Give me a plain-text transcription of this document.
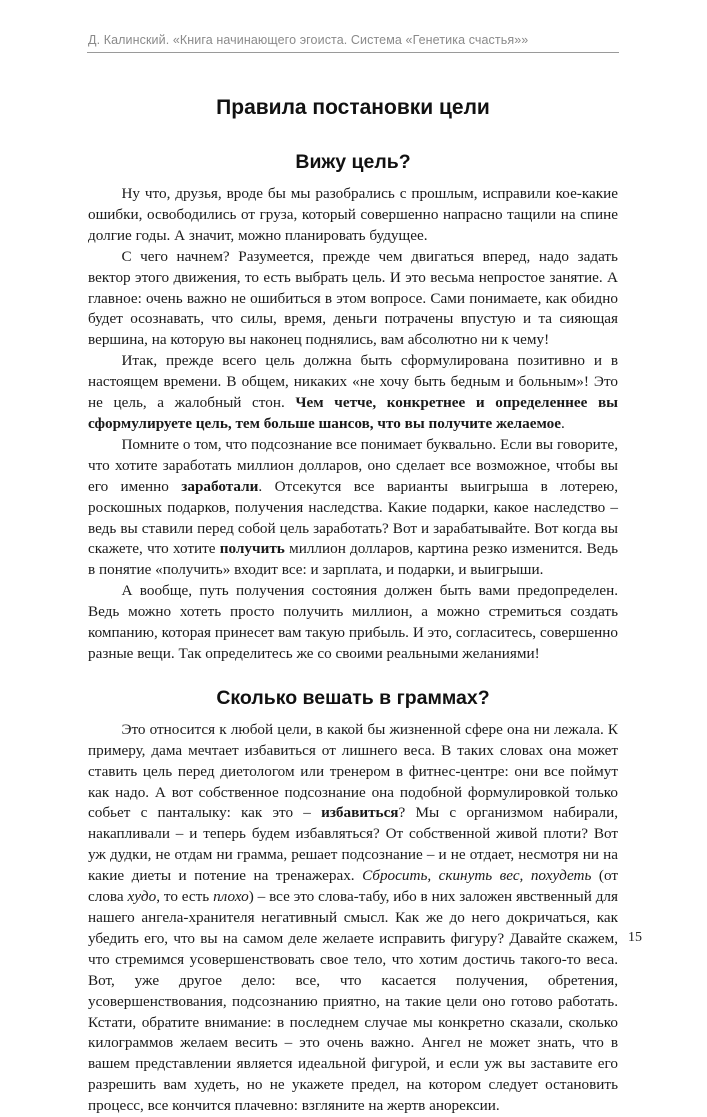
Д. Калинский. «Книга начинающего эгоиста. Система «Генетика счастья»»
Правила постановки цели
Вижу цель?

Ну что, друзья, вроде бы мы разобрались с прошлым, исправили кое-какие ошибки, освободились от груза, который совершенно напрасно тащили на спине долгие годы. А значит, можно планировать будущее.

С чего начнем? Разумеется, прежде чем двигаться вперед, надо задать вектор этого движения, то есть выбрать цель. И это весьма непростое занятие. А главное: очень важно не ошибиться в этом вопросе. Сами понимаете, как обидно будет осознавать, что силы, время, деньги потрачены впустую и та сияющая вершина, на которую вы наконец поднялись, вам абсолютно ни к чему!

Итак, прежде всего цель должна быть сформулирована позитивно и в настоящем времени. В общем, никаких «не хочу быть бедным и больным»! Это не цель, а жалобный стон. Чем четче, конкретнее и определеннее вы сформулируете цель, тем больше шансов, что вы получите желаемое.

Помните о том, что подсознание все понимает буквально. Если вы говорите, что хотите заработать миллион долларов, оно сделает все возможное, чтобы вы его именно заработали. Отсекутся все варианты выигрыша в лотерею, роскошных подарков, получения наследства. Какие подарки, какое наследство – ведь вы ставили перед собой цель заработать? Вот и зарабатывайте. Вот когда вы скажете, что хотите получить миллион долларов, картина резко изменится. Ведь в понятие «получить» входит все: и зарплата, и подарки, и выигрыши.

А вообще, путь получения состояния должен быть вами предопределен. Ведь можно хотеть просто получить миллион, а можно стремиться создать компанию, которая принесет вам такую прибыль. И это, согласитесь, совершенно разные вещи. Так определитесь же со своими реальными желаниями!

Сколько вешать в граммах?

Это относится к любой цели, в какой бы жизненной сфере она ни лежала. К примеру, дама мечтает избавиться от лишнего веса. В таких словах она может ставить цель перед диетологом или тренером в фитнес-центре: они все поймут как надо. А вот собственное подсознание она подобной формулировкой только собьет с панталыку: как это – избавиться? Мы с организмом набирали, накапливали – и теперь будем избавляться? От собственной живой плоти? Вот уж дудки, не отдам ни грамма, решает подсознание – и не отдает, несмотря ни на какие диеты и потение на тренажерах. Сбросить, скинуть вес, похудеть (от слова худо, то есть плохо) – все это слова-табу, ибо в них заложен явственный для нашего ангела-хранителя негативный смысл. Как же до него докричаться, как убедить его, что вы на самом деле желаете исправить фигуру? Давайте скажем, что стремимся усовершенствовать свое тело, что хотим достичь такого-то веса. Вот, уже другое дело: все, что касается получения, обретения, усовершенствования, подсознанию приятно, на такие цели оно готово работать. Кстати, обратите внимание: в последнем случае мы конкретно сказали, сколько килограммов желаем весить – это очень важно. Ангел не может знать, что в вашем представлении является идеальной фигурой, и если уж вы заставите его разрешить вам худеть, но не укажете предел, на котором следует остановить процесс, все кончится плачевно: взгляните на жертв анорексии.

15
